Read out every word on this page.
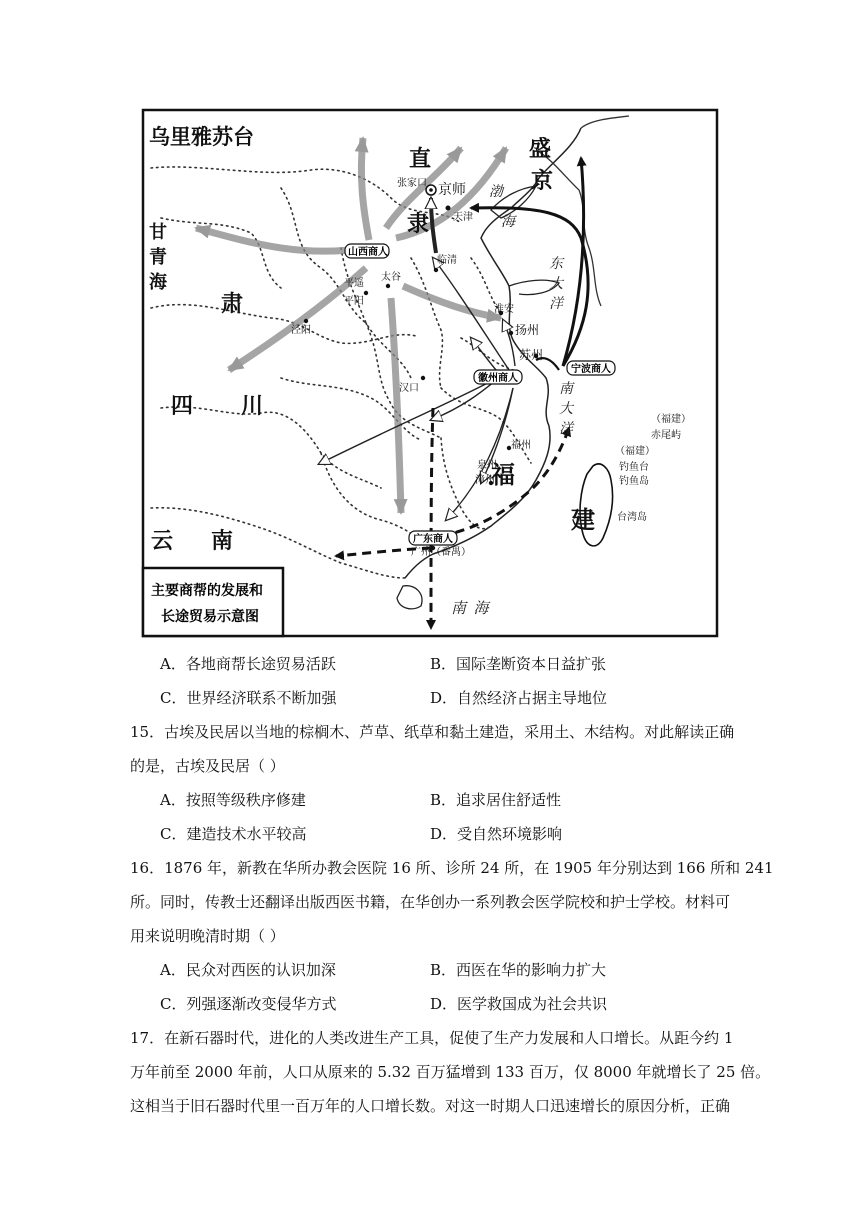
乌里雅苏台
直
隶
盛
京
甘
青
海
肃
四 川
云 南
福
建
渤
海
东
大
洋
南
大
洋
南  海
张家口 京师
天津
平遥
太谷
平阳
泾阳
临清
淮安
扬州
苏州
汉口
福州
泉州
漳州
广州（番禺）
台湾岛
（福建）
钓鱼台
钓鱼岛
（福建）
赤尾屿
山西商人
徽州商人
宁波商人
广东商人
主要商帮的发展和
长途贸易示意图
A．各地商帮长途贸易活跃	B．国际垄断资本日益扩张
C．世界经济联系不断加强	D．自然经济占据主导地位
15．古埃及民居以当地的棕榈木、芦草、纸草和黏土建造，采用土、木结构。对此解读正确
的是，古埃及民居（ ）
A．按照等级秩序修建	B．追求居住舒适性
C．建造技术水平较高	D．受自然环境影响
16．1876 年，新教在华所办教会医院 16 所、诊所 24 所，在 1905 年分别达到 166 所和 241
所。同时，传教士还翻译出版西医书籍，在华创办一系列教会医学院校和护士学校。材料可
用来说明晚清时期（ ）
A．民众对西医的认识加深	B．西医在华的影响力扩大
C．列强逐渐改变侵华方式	D．医学救国成为社会共识
17．在新石器时代，进化的人类改进生产工具，促使了生产力发展和人口增长。从距今约 1
万年前至 2000 年前，人口从原来的 5.32 百万猛增到 133 百万，仅 8000 年就增长了 25 倍。
这相当于旧石器时代里一百万年的人口增长数。对这一时期人口迅速增长的原因分析，正确
